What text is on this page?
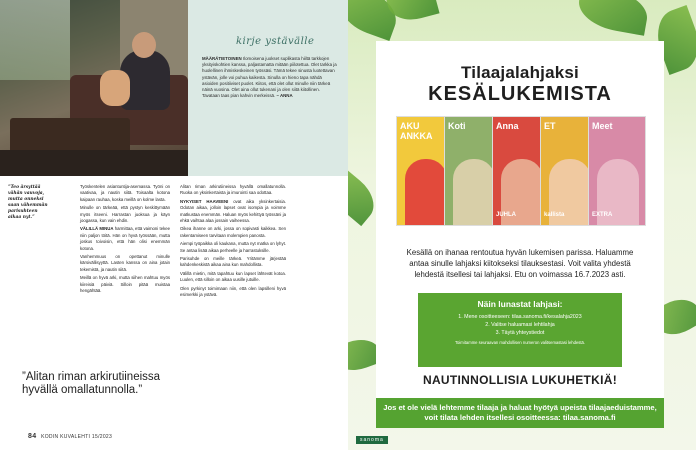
MÄÄRÄTIETOINEN Ilomoisena juokset suplikasta hiiltä tarkkojen yksityiskohtien kanssa, paljastamatta mitään piilotettua. Olet tarkka ja huolellinen ihmiskeskeinen työssäsi. Tämä tekee sinusta luotettavan ystävän, jolle voi puhua kaikesta. Sinulla on hieno tapa nähdä asioiden positiiviset puolet. Kiitos, että olet ollut minulle niin tärkeä näinä vuosina. Olet aina ollut tukenani ja olen siitä kiitollinen. Tavataan taas pian kahvin merkeissä. – ANNA
kirje ystävälle
”Teo ärsyttää vähän vauvoja, mutta onneksi saan vähemmän parisuhteen aikaa nyt.”

Työskentelen asiantuntija-asemassa. Työni on vaativaa, ja nautin siitä. Toisaalta kotona kaipaan rauhaa, koska meillä on kolme lasta.

Minulle on tärkeää, että pystyn keskittymään myös itseeni. Harrastan juoksua ja käyn joogassa, kun vain ehdin.

VÄLILLÄ MINUA harmittaa, että vaimoni tekee niin paljon töitä. Hän on hyvä työssään, mutta joskus toivoisin, että hän olisi enemmän kotona.

Vanhemmuus on opettanut minulle kärsivällisyyttä. Lasten kanssa on aina jotain tekemistä, ja nautin siitä.

Meillä on hyvä arki, mutta siihen mahtuu myös kiireisiä päiviä. Silloin pitää muistaa hengähtää.

Alitan riman arkirutiineissa hyvällä omallatunnolla. Ruoka on yksinkertaista ja imurointi saa odottaa.

NYKYISET HAAVEENI ovat aika yksinkertaisia. Odotan aikaa, jolloin lapset ovat isompia ja voimme matkustaa enemmän. Haluan myös kehittyä työssäni ja ehkä vaihtaa alaa jossain vaiheessa.

Oikea ihanne on arki, jossa on sopivasti kaikkea. Sen rakentamiseen tarvitaan molempien panosta.

Aiempi työpaikka oli kaukana, mutta nyt matka on lyhyt. Se antaa lisää aikaa perheelle ja harrastuksille.

Parisuhde on meille tärkeä. Yritämme järjestää kahdenkeskistä aikaa aina kun mahdollista.

Välillä mietin, mitä tapahtuu kun lapset lähtevät kotoa. Luulen, että silloin on aikaa uusille jutuille.

Olen pyrkinyt toimimaan niin, että olen lapsilleni hyvä esimerkki ja ystävä.

”Alitan riman arkirutiineissa hyvällä omallatunnolla.”
84 KODIN KUVALEHTI 15/2023
Tilaajalahjaksi
KESÄLUKEMISTA
AKU ANKKA
Koti	Anna
JUHLA
ET
kallista
Meet
EXTRA
Kesällä on ihanaa rentoutua hyvän lukemisen parissa. Haluamme antaa sinulle lahjaksi kiitokseksi tilauksestasi. Voit valita yhdestä lehdestä itsellesi tai lahjaksi. Etu on voimassa 16.7.2023 asti.
Näin lunastat lahjasi:
1. Mene osoitteeseen: tilaa.sanoma.fi/kesalahja2023
2. Valitse haluamasi lehtilahja
3. Täytä yhteystiedot
Toimitamme seuraavan mahdollisen numeron valitsemastasi lehdestä.
NAUTINNOLLISIA LUKUHETKIÄ!
Jos et ole vielä lehtemme tilaaja ja haluat hyötyä upeista tilaajaeduistamme, voit tilata lehden itsellesi osoitteessa: tilaa.sanoma.fi
sanoma
